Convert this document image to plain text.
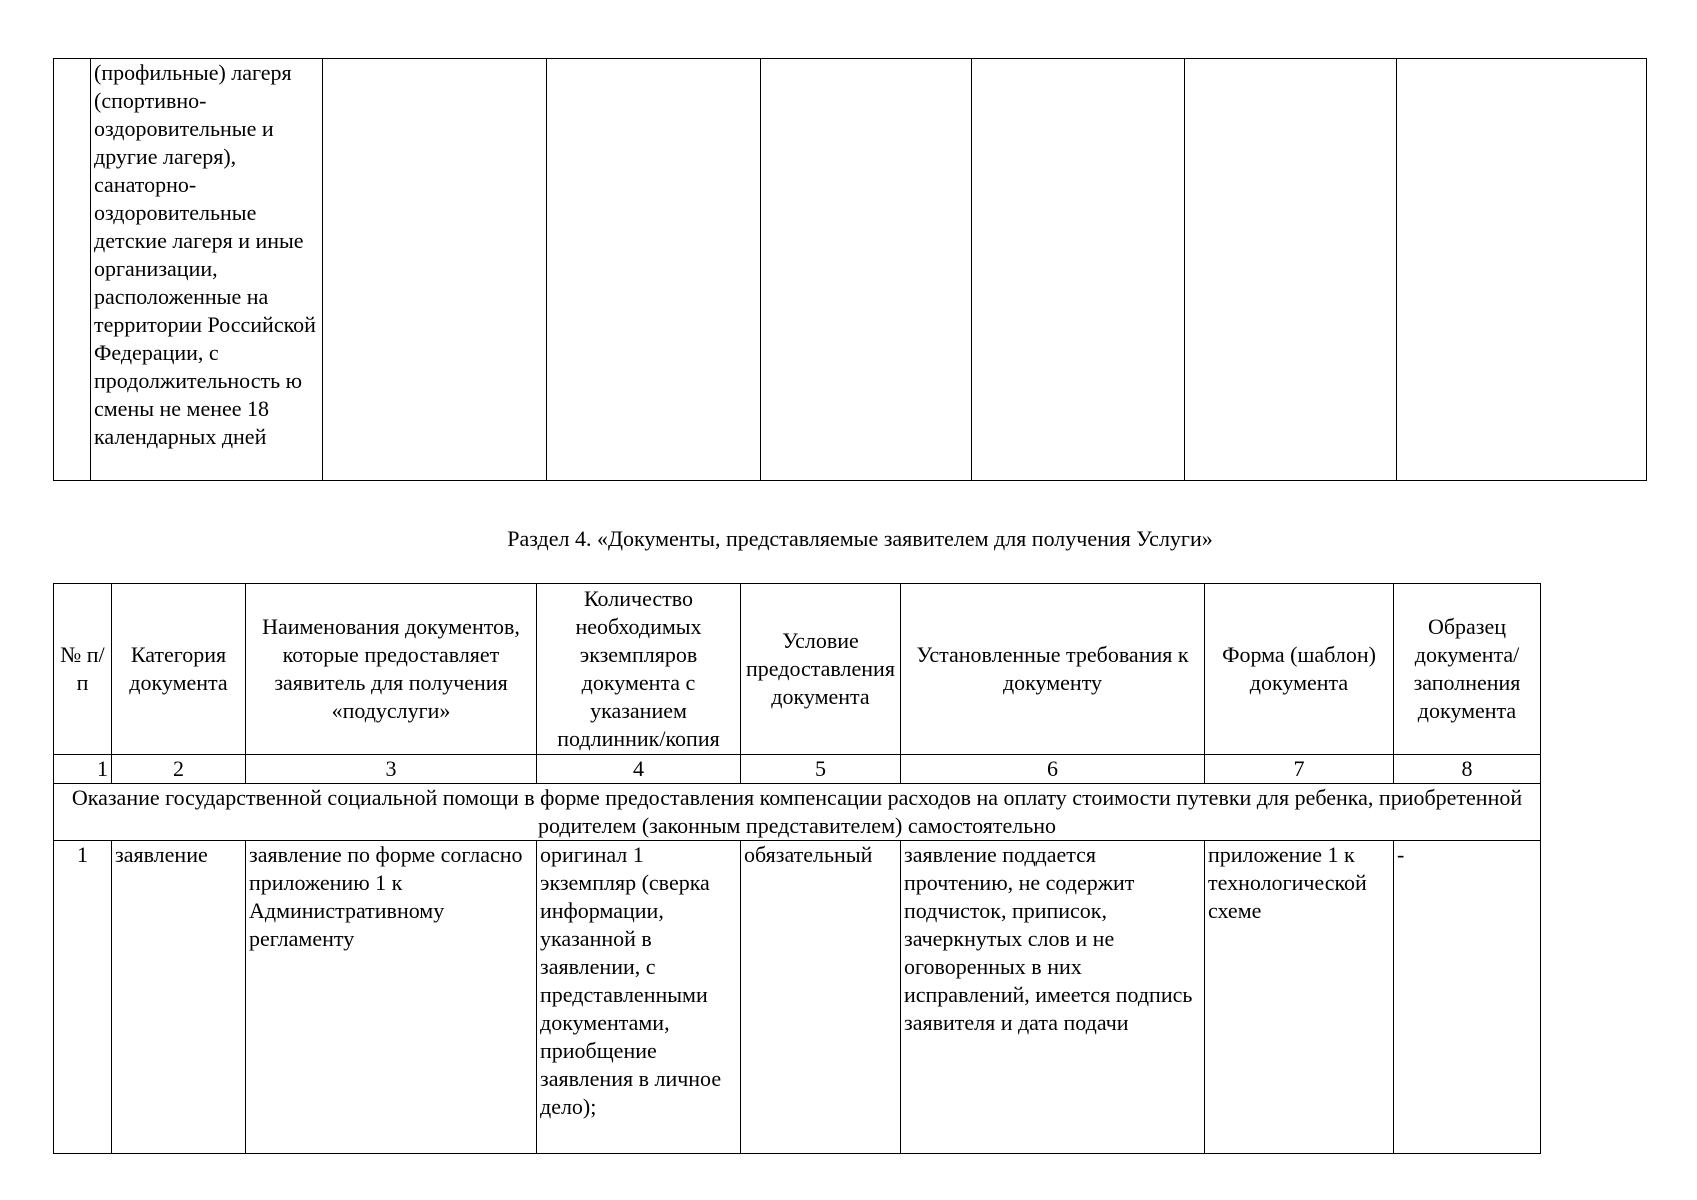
	(профильные) лагеря (спортивно-оздоровительные и другие лагеря), санаторно-оздоровительные детские лагеря и иные организации, расположенные на территории Российской Федерации, с продолжительность ю смены не менее 18 календарных дней						
Раздел 4. «Документы, представляемые заявителем для получения Услуги»
№ п/п	Категория документа	Наименования документов, которые предоставляет заявитель для получения «подуслуги»	Количество необходимых экземпляров документа с указанием подлинник/копия	Условие предоставления документа	Установленные требования к документу	Форма (шаблон) документа	Образец документа/заполнения документа
1	2	3	4	5	6	7	8
Оказание государственной социальной помощи в форме предоставления компенсации расходов на оплату стоимости путевки для ребенка, приобретенной родителем (законным представителем) самостоятельно							
1	заявление	заявление по форме согласно приложению 1 к Административному регламенту	оригинал 1 экземпляр (сверка информации, указанной в заявлении, с представленными документами, приобщение заявления в личное дело);	обязательный	заявление поддается прочтению, не содержит подчисток, приписок, зачеркнутых слов и не оговоренных в них исправлений, имеется подпись заявителя и дата подачи	приложение 1 к технологической схеме	-
